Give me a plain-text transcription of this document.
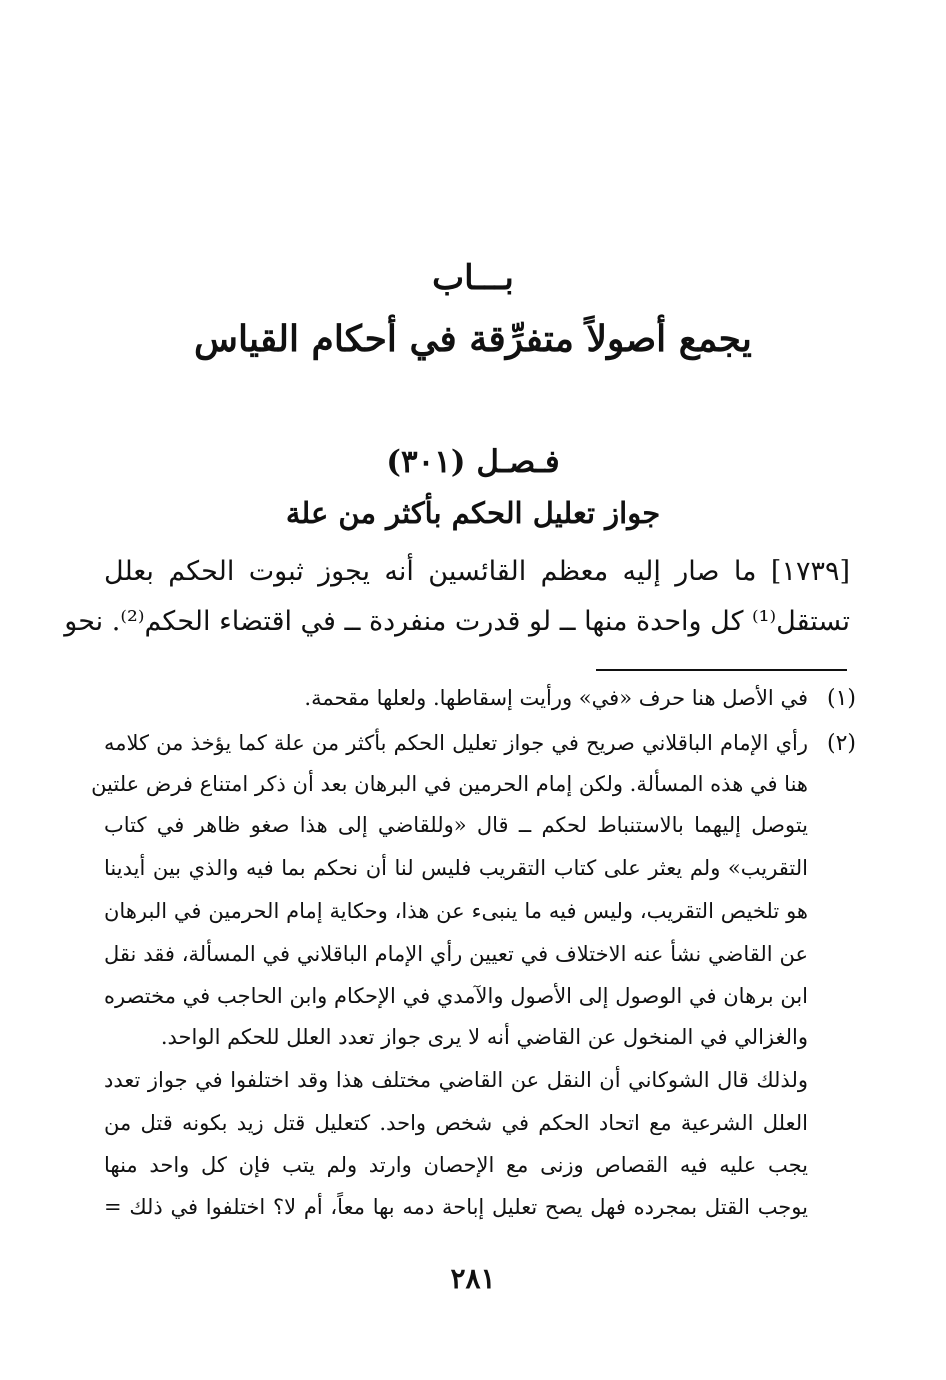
بـــاب
يجمع أصولاً متفرِّقة في أحكام القياس
(٣٠١) فـصـل
جواز تعليل الحكم بأكثر من علة
[١٧٣٩] ما صار إليه معظم القائسين أنه يجوز ثبوت الحكم بعلل
تستقل⁽¹⁾ كل واحدة منها ــ لو قدرت منفردة ــ في اقتضاء الحكم⁽²⁾. نحو
(١)
في الأصل هنا حرف «في» ورأيت إسقاطها. ولعلها مقحمة.
(٢)
رأي الإمام الباقلاني صريح في جواز تعليل الحكم بأكثر من علة كما يؤخذ من كلامه
هنا في هذه المسألة. ولكن إمام الحرمين في البرهان بعد أن ذكر امتناع فرض علتين
يتوصل إليهما بالاستنباط لحكم ــ قال «وللقاضي إلى هذا صغو ظاهر في كتاب
التقريب» ولم يعثر على كتاب التقريب فليس لنا أن نحكم بما فيه والذي بين أيدينا
هو تلخيص التقريب، وليس فيه ما ينبىء عن هذا، وحكاية إمام الحرمين في البرهان
عن القاضي نشأ عنه الاختلاف في تعيين رأي الإمام الباقلاني في المسألة، فقد نقل
ابن برهان في الوصول إلى الأصول والآمدي في الإحكام وابن الحاجب في مختصره
والغزالي في المنخول عن القاضي أنه لا يرى جواز تعدد العلل للحكم الواحد.
ولذلك قال الشوكاني أن النقل عن القاضي مختلف هذا وقد اختلفوا في جواز تعدد
العلل الشرعية مع اتحاد الحكم في شخص واحد. كتعليل قتل زيد بكونه قتل من
يجب عليه فيه القصاص وزنى مع الإحصان وارتد ولم يتب فإن كل واحد منها
يوجب القتل بمجرده فهل يصح تعليل إباحة دمه بها معاً، أم لا؟ اختلفوا في ذلك =
٢٨١
